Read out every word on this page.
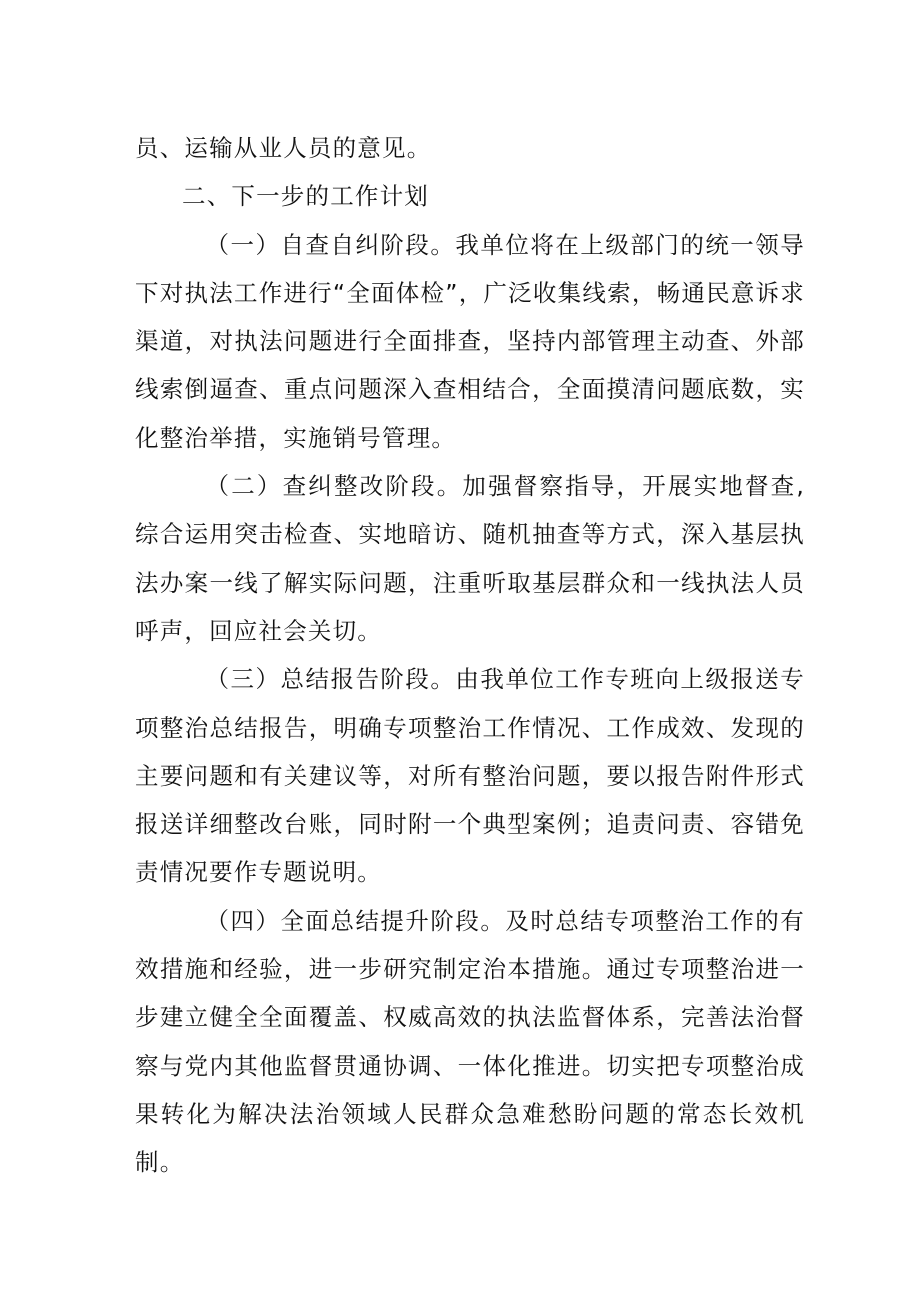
员、运输从业人员的意见。

二、下一步的工作计划

（一）自查自纠阶段。我单位将在上级部门的统一领导下对执法工作进行“全面体检”，广泛收集线索，畅通民意诉求渠道，对执法问题进行全面排查，坚持内部管理主动查、外部线索倒逼查、重点问题深入查相结合，全面摸清问题底数，实化整治举措，实施销号管理。

（二）查纠整改阶段。加强督察指导，开展实地督查,综合运用突击检查、实地暗访、随机抽查等方式，深入基层执法办案一线了解实际问题，注重听取基层群众和一线执法人员呼声，回应社会关切。

（三）总结报告阶段。由我单位工作专班向上级报送专项整治总结报告，明确专项整治工作情况、工作成效、发现的主要问题和有关建议等，对所有整治问题，要以报告附件形式报送详细整改台账，同时附一个典型案例；追责问责、容错免责情况要作专题说明。

（四）全面总结提升阶段。及时总结专项整治工作的有效措施和经验，进一步研究制定治本措施。通过专项整治进一步建立健全全面覆盖、权威高效的执法监督体系，完善法治督察与党内其他监督贯通协调、一体化推进。切实把专项整治成果转化为解决法治领域人民群众急难愁盼问题的常态长效机制。
